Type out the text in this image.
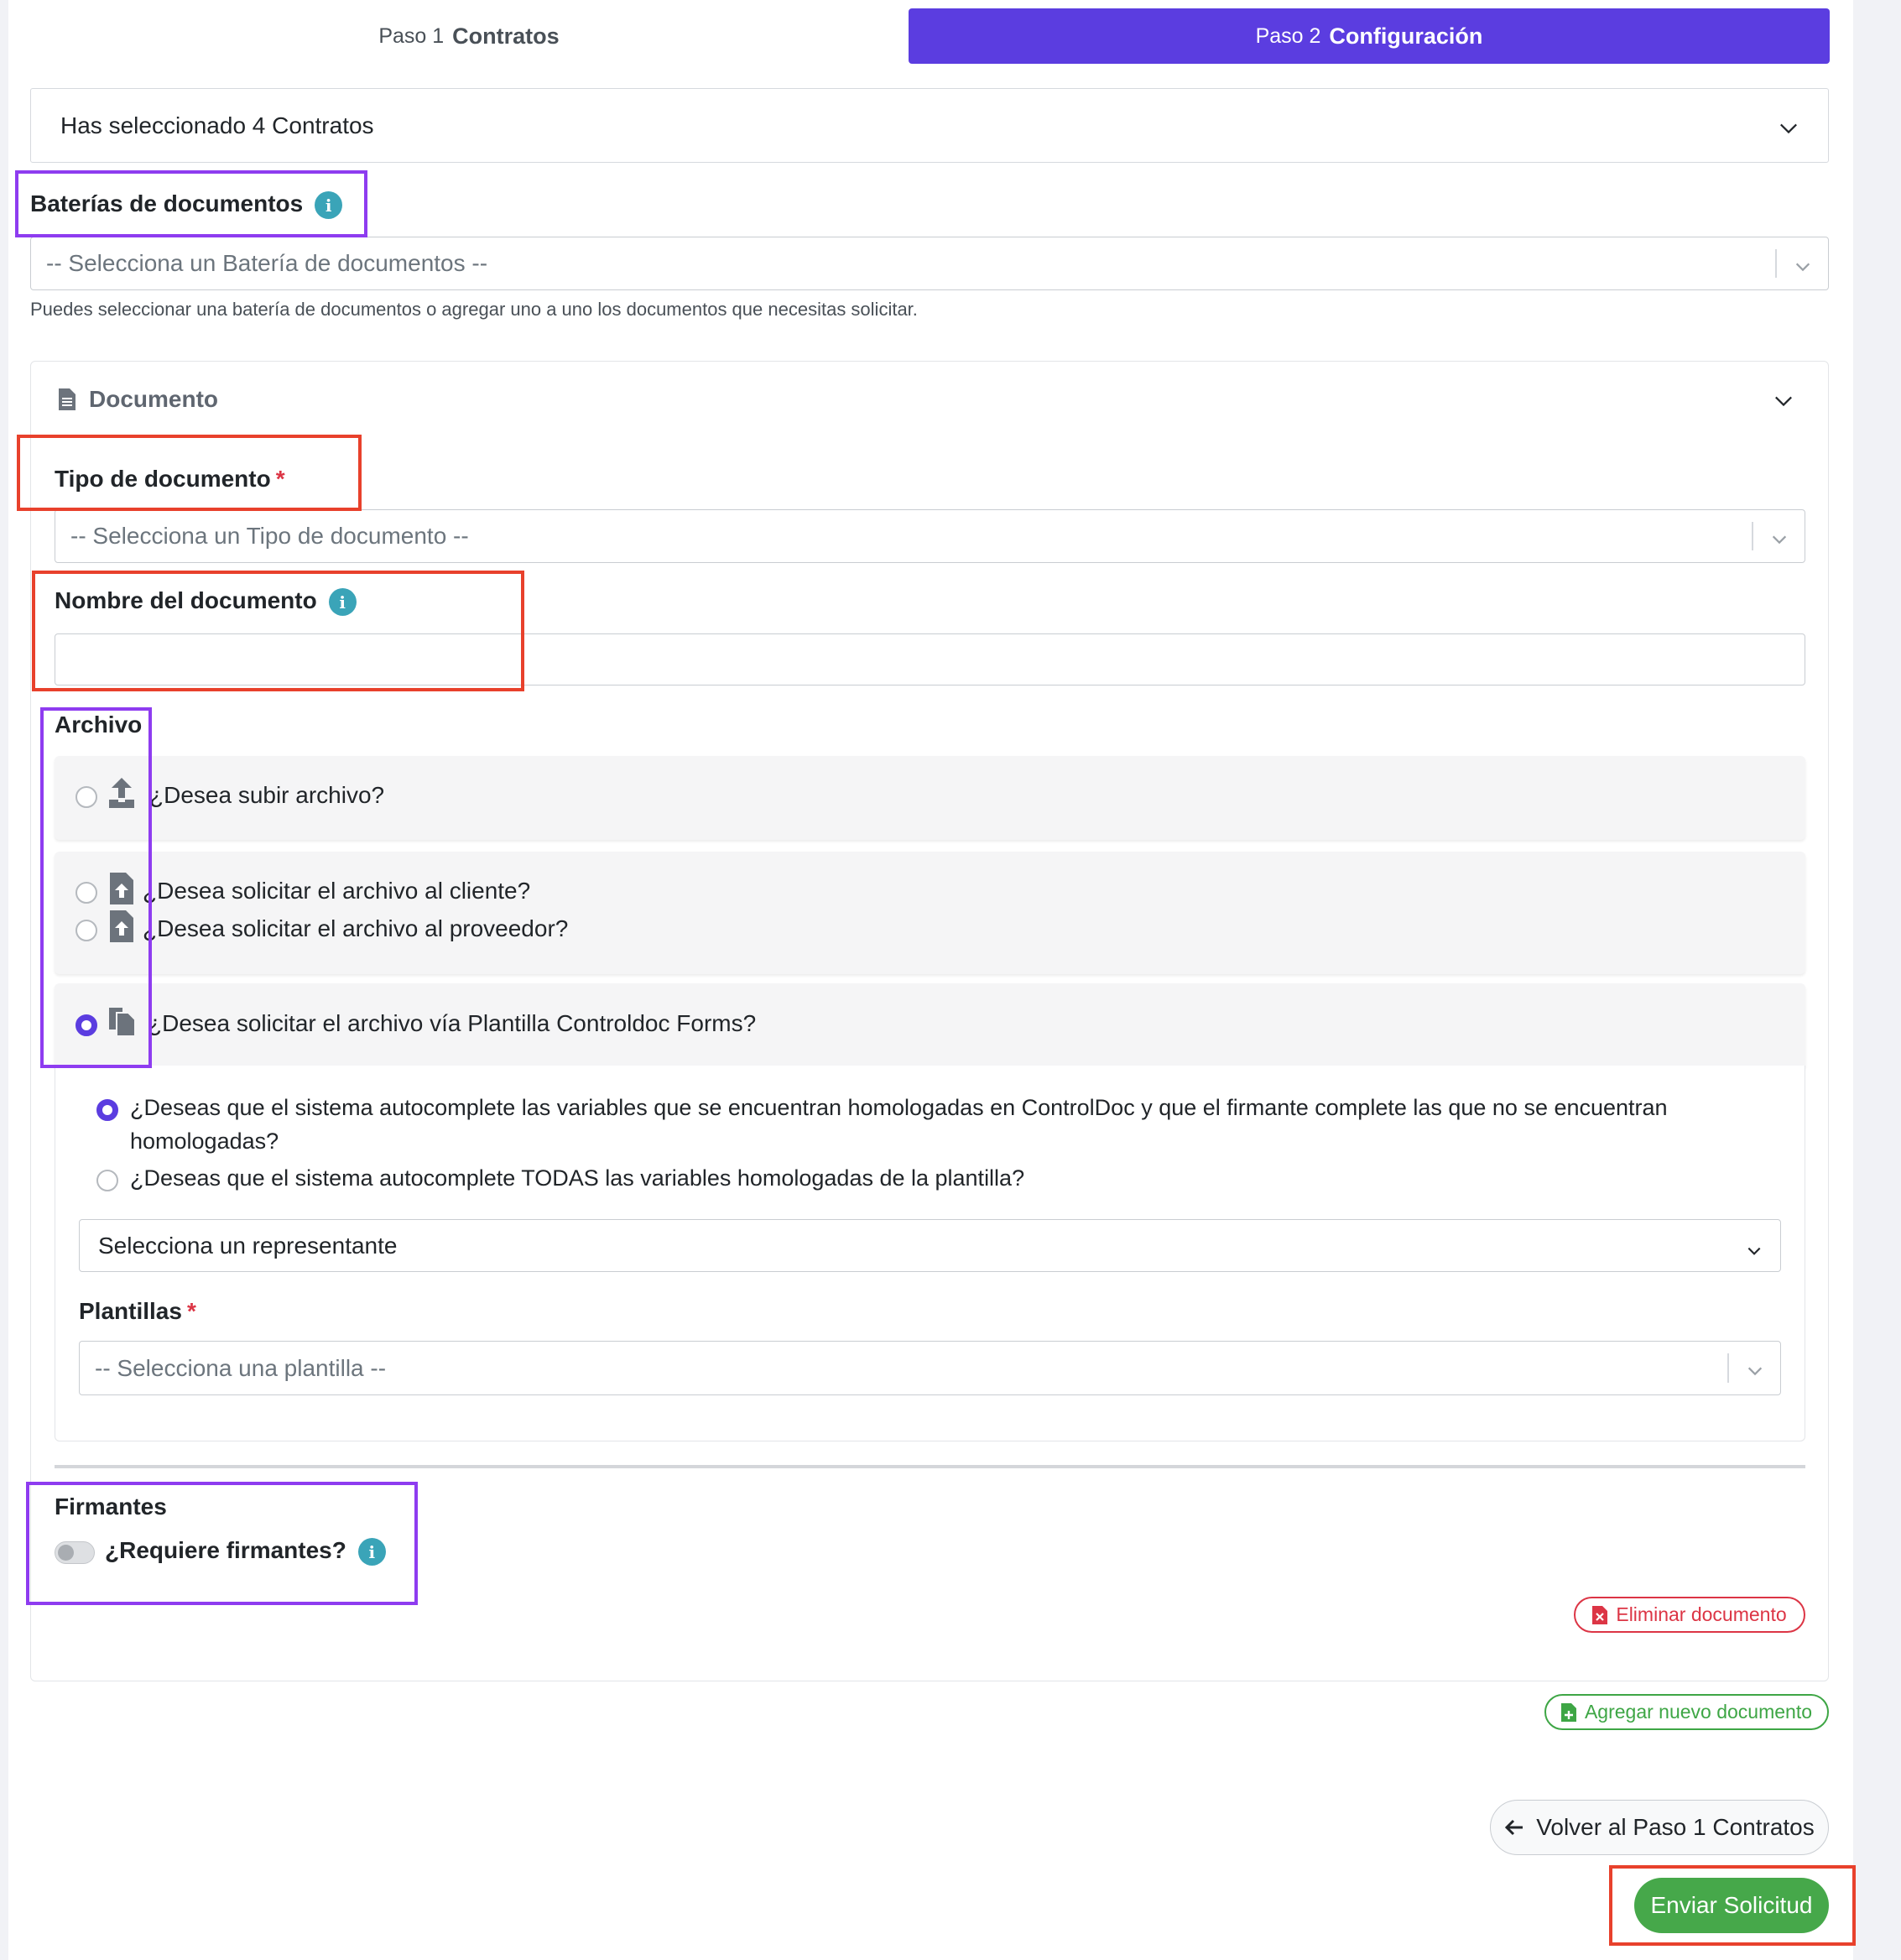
Paso 1 Contratos	Paso 2 Configuración
Has seleccionado 4 Contratos
Baterías de documentos i
-- Selecciona un Batería de documentos --
Puedes seleccionar una batería de documentos o agregar uno a uno los documentos que necesitas solicitar.
Documento
Tipo de documento *
-- Selecciona un Tipo de documento --
Nombre del documento i
Archivo
¿Desea subir archivo?
¿Desea solicitar el archivo al cliente?
¿Desea solicitar el archivo al proveedor?
¿Desea solicitar el archivo vía Plantilla Controldoc Forms?
¿Deseas que el sistema autocomplete las variables que se encuentran homologadas en ControlDoc y que el firmante complete las que no se encuentran homologadas?
¿Deseas que el sistema autocomplete TODAS las variables homologadas de la plantilla?
Selecciona un representante
Plantillas *
-- Selecciona una plantilla --
Firmantes
¿Requiere firmantes? i
Eliminar documento
Agregar nuevo documento
Volver al Paso 1 Contratos
Enviar Solicitud
